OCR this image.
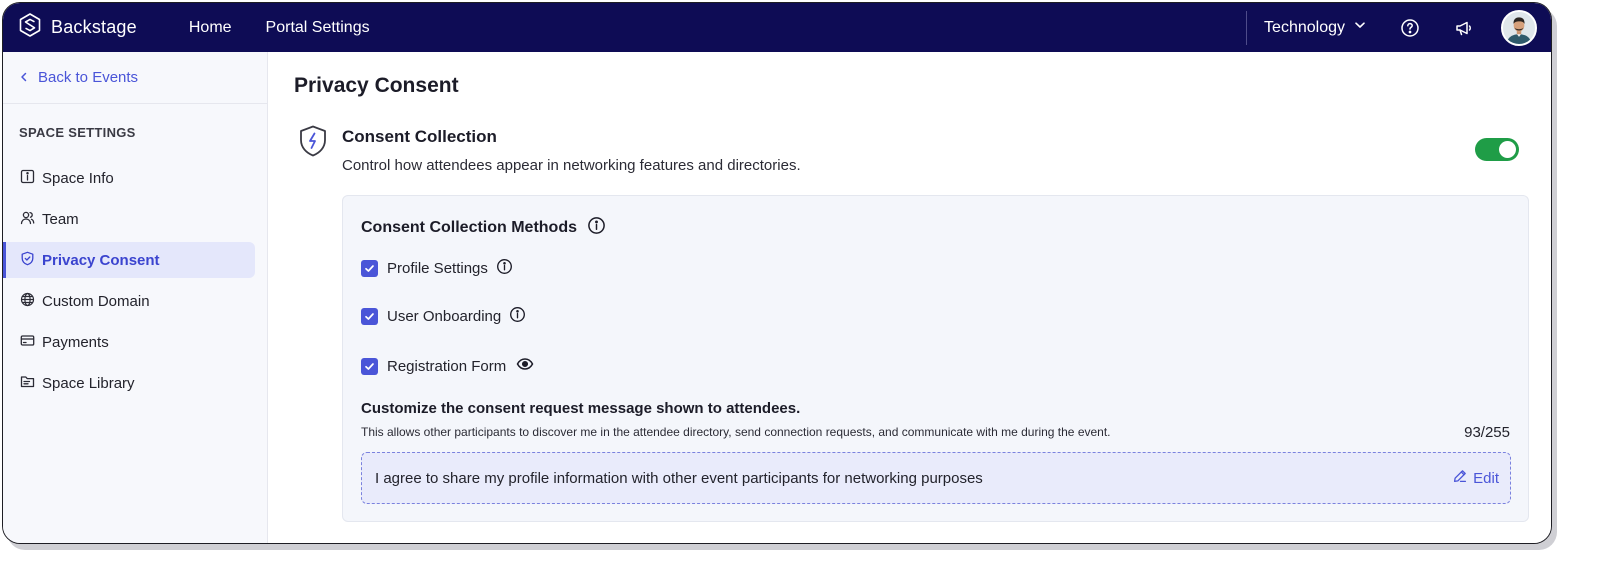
Backstage	Home Portal Settings	Technology
Back to Events
SPACE SETTINGS
Space Info
Team
Privacy Consent
Custom Domain
Payments
Space Library
Privacy Consent
Consent Collection
Control how attendees appear in networking features and directories.
Consent Collection Methods
Profile Settings
User Onboarding
Registration Form
Customize the consent request message shown to attendees.
This allows other participants to discover me in the attendee directory, send connection requests, and communicate with me during the event.	93/255
I agree to share my profile information with other event participants for networking purposes	Edit
